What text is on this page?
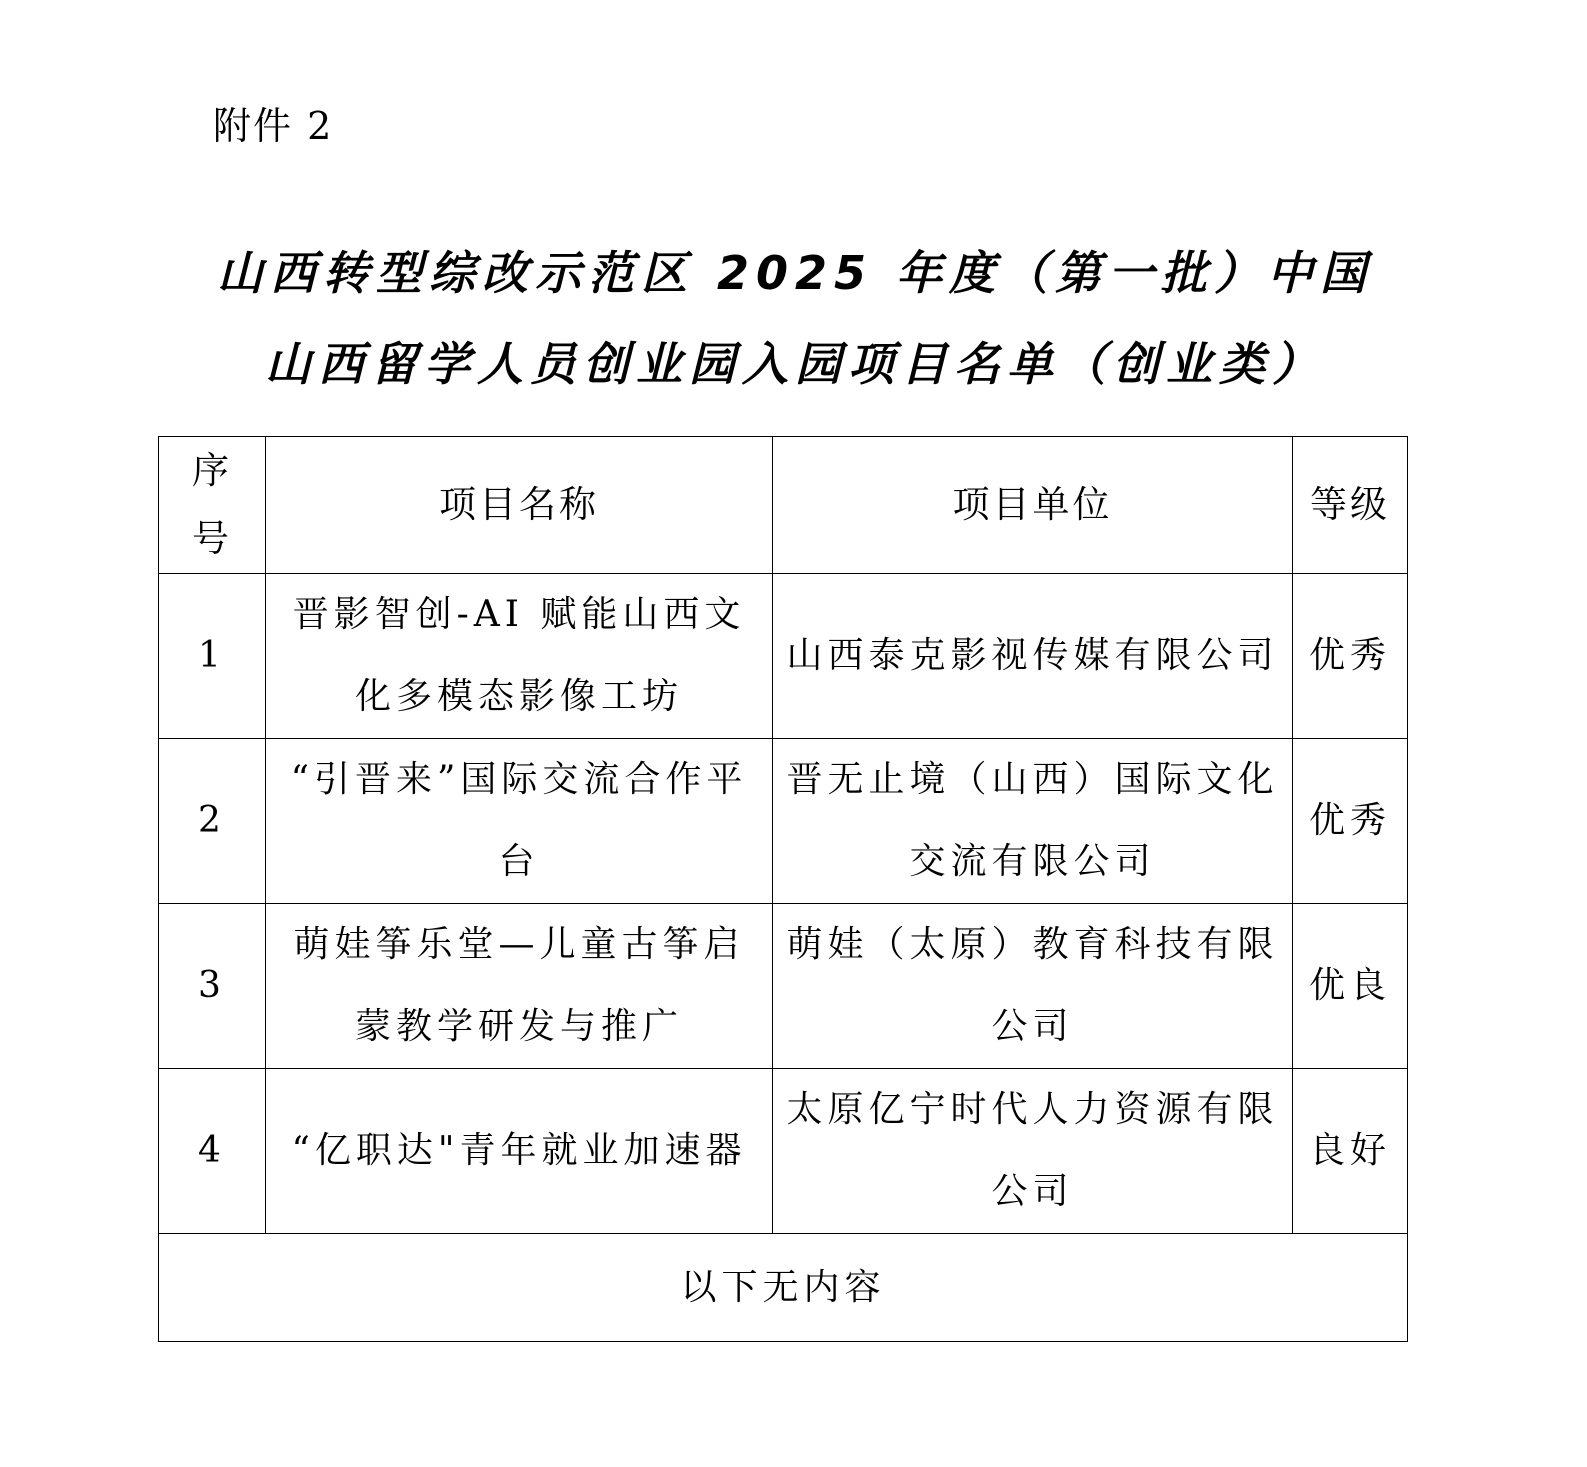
附件 2
山西转型综改示范区 2025 年度（第一批）中国
山西留学人员创业园入园项目名单（创业类）
序号	项目名称	项目单位	等级
1	晋影智创-AI 赋能山西文化多模态影像工坊	山西泰克影视传媒有限公司	优秀
2	“引晋来”国际交流合作平台	晋无止境（山西）国际文化交流有限公司	优秀
3	萌娃筝乐堂—儿童古筝启蒙教学研发与推广	萌娃（太原）教育科技有限公司	优良
4	“亿职达"青年就业加速器	太原亿宁时代人力资源有限公司	良好
以下无内容			
